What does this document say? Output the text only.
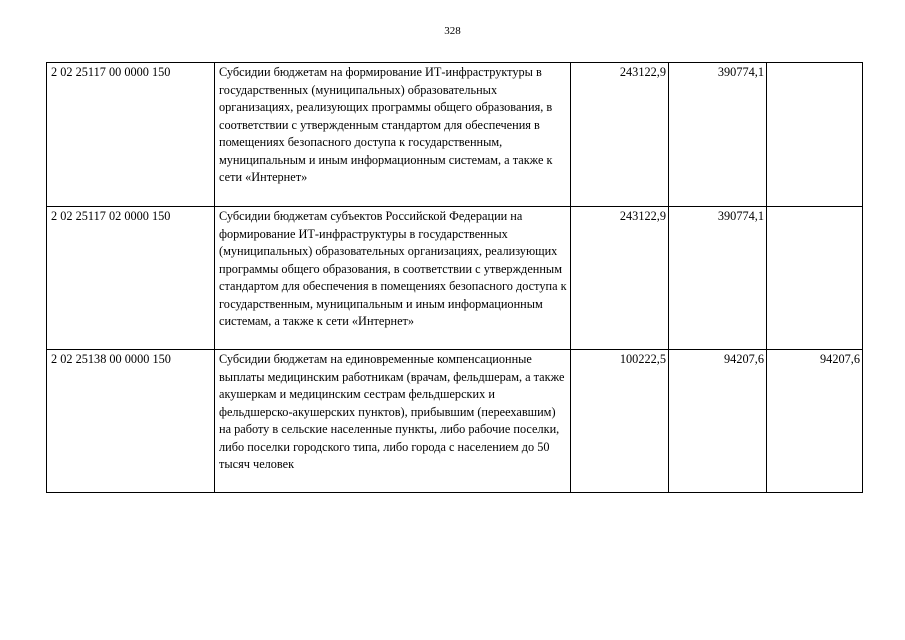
328
2 02 25117 00 0000 150	Субсидии бюджетам на формирование ИТ-инфраструктуры в государственных (муниципальных) образовательных организациях, реализующих программы общего образования, в соответствии с утвержденным стандартом для обеспечения в помещениях безопасного доступа к государственным, муниципальным и иным информационным системам, а также к сети «Интернет»	243122,9	390774,1	
2 02 25117 02 0000 150	Субсидии бюджетам субъектов Российской Федерации на формирование ИТ-инфраструктуры в государственных (муниципальных) образовательных организациях, реализующих программы общего образования, в соответствии с утвержденным стандартом для обеспечения в помещениях безопасного доступа к государственным, муниципальным и иным информационным системам, а также к сети «Интернет»	243122,9	390774,1	
2 02 25138 00 0000 150	Субсидии бюджетам на единовременные компенсационные выплаты медицинским работникам (врачам, фельдшерам, а также акушеркам и медицинским сестрам фельдшерских и фельдшерско-акушерских пунктов), прибывшим (переехавшим) на работу в сельские населенные пункты, либо рабочие поселки, либо поселки городского типа, либо города с населением до 50 тысяч человек	100222,5	94207,6	94207,6
